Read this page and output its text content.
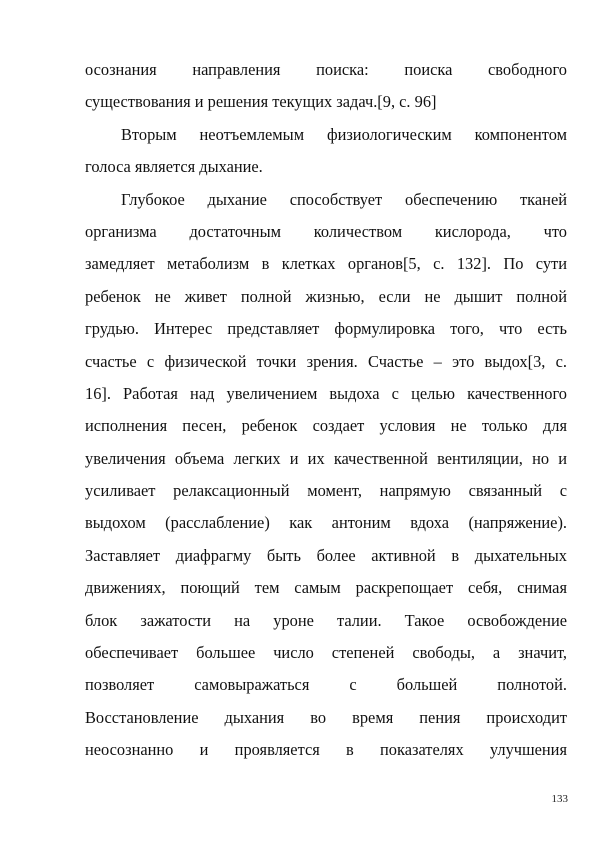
осознания направления поиска: поиска свободного
существования и решения текущих задач.[9, с. 96]
Вторым неотъемлемым физиологическим компонентом
голоса является дыхание.
Глубокое дыхание способствует обеспечению тканей
организма достаточным количеством кислорода, что
замедляет метаболизм в клетках органов[5, с. 132]. По сути
ребенок не живет полной жизнью, если не дышит полной
грудью. Интерес представляет формулировка того, что есть
счастье с физической точки зрения. Счастье – это выдох[3, с.
16]. Работая над увеличением выдоха с целью качественного
исполнения песен, ребенок создает условия не только для
увеличения объема легких и их качественной вентиляции, но и
усиливает релаксационный момент, напрямую связанный с
выдохом (расслабление) как антоним вдоха (напряжение).
Заставляет диафрагму быть более активной в дыхательных
движениях, поющий тем самым раскрепощает себя, снимая
блок зажатости на уроне талии. Такое освобождение
обеспечивает большее число степеней свободы, а значит,
позволяет самовыражаться с большей полнотой.
Восстановление дыхания во время пения происходит
неосознанно и проявляется в показателях улучшения
133
